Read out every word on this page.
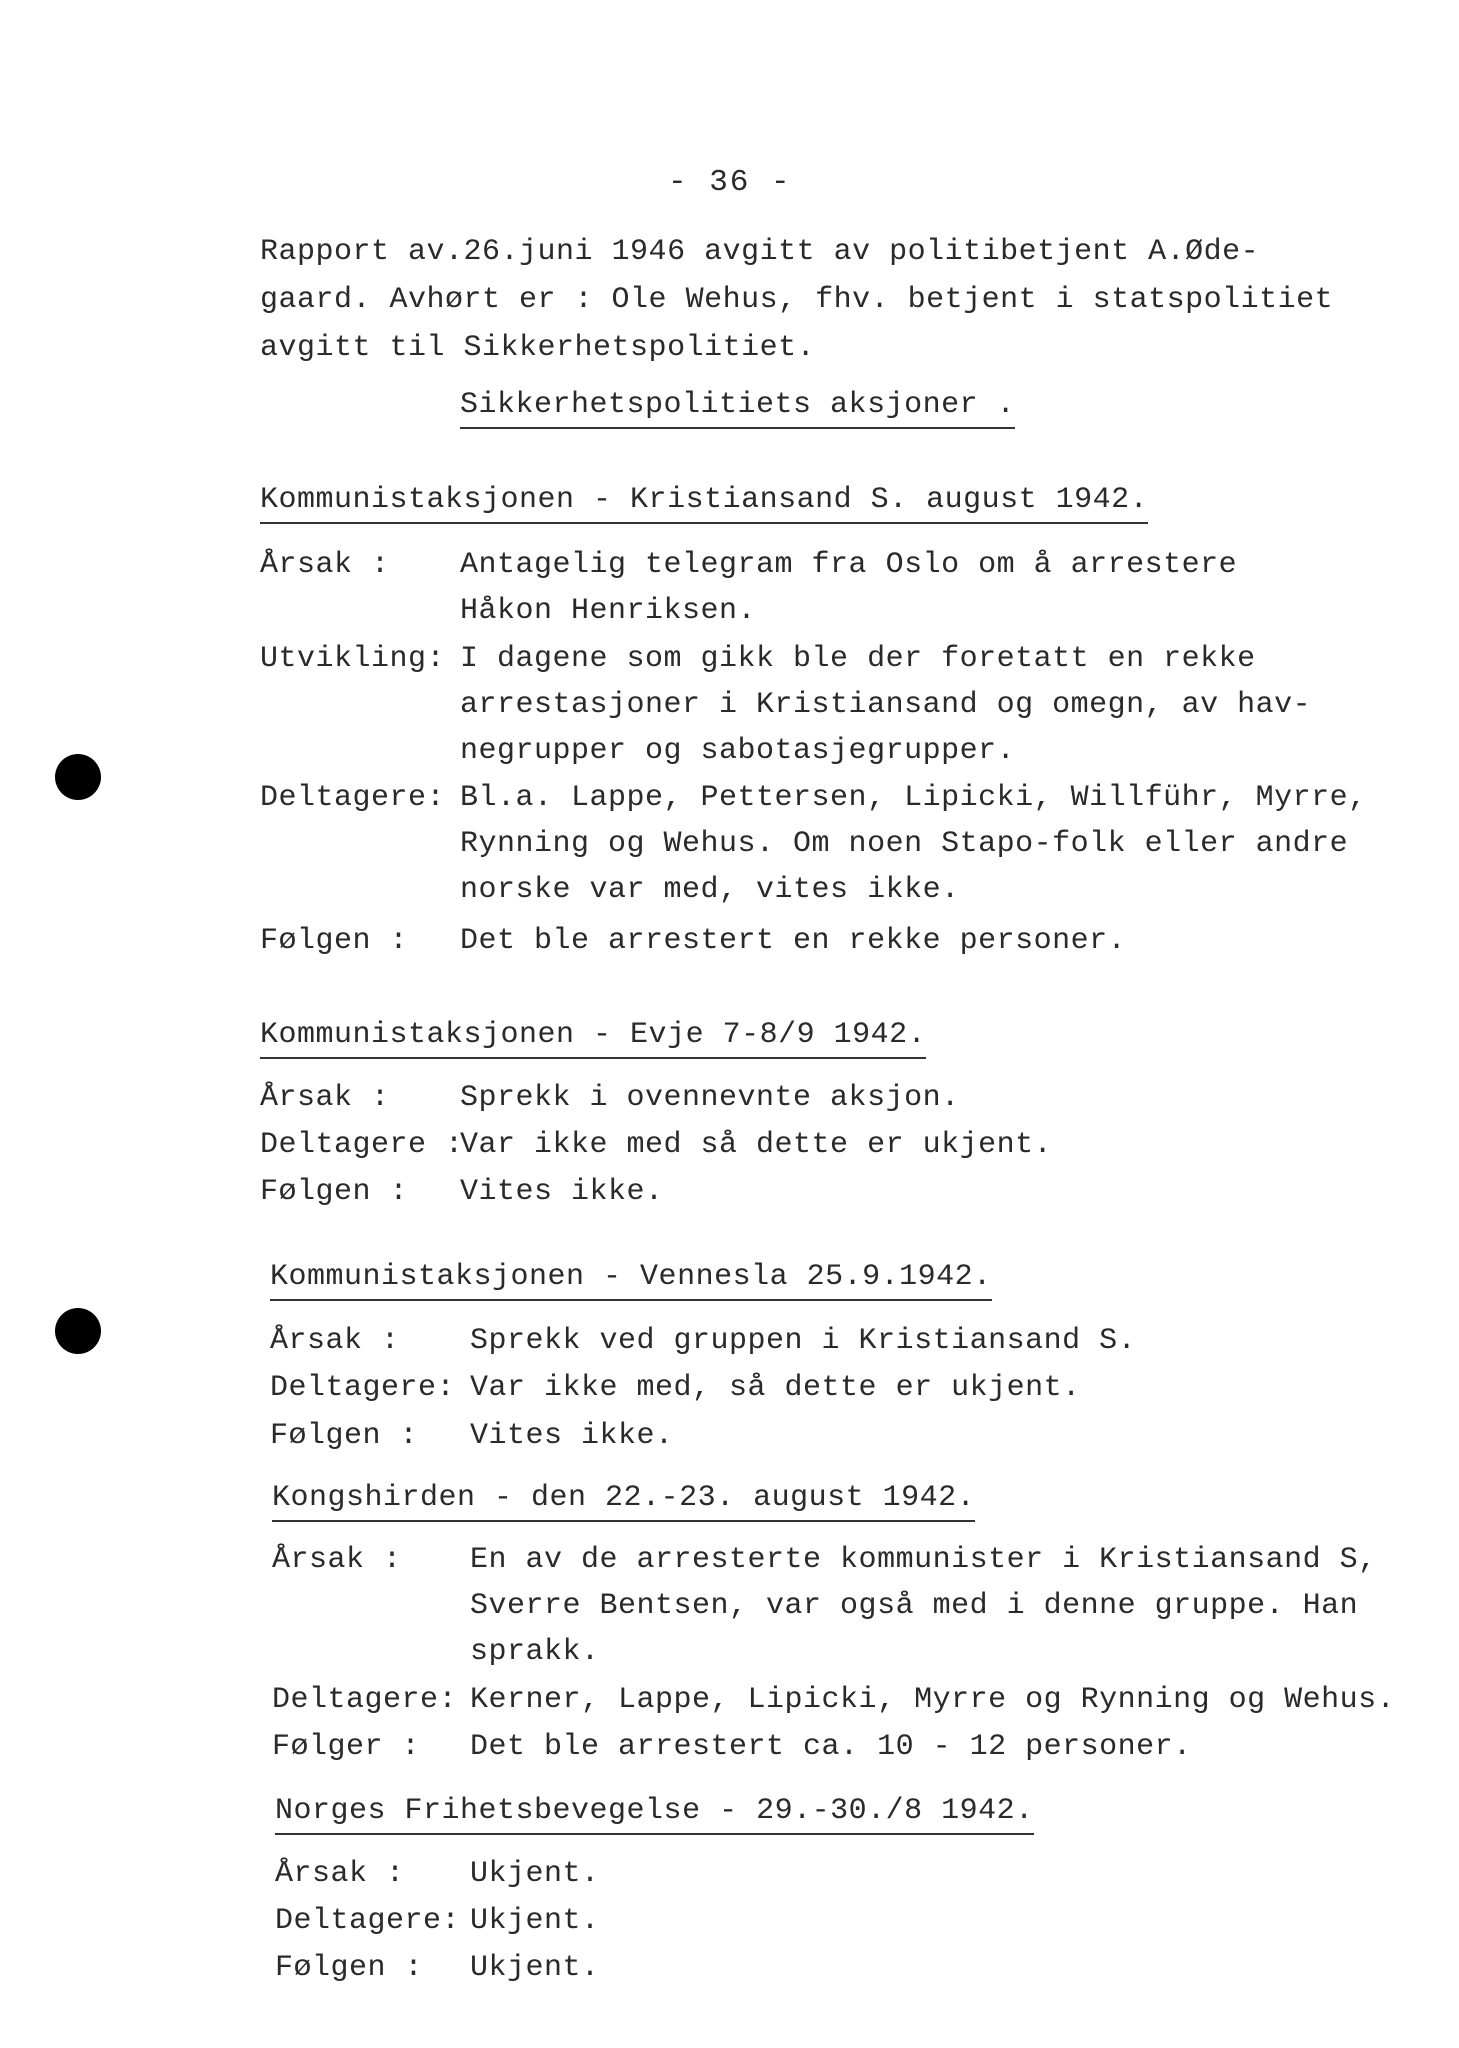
- 36 -
Rapport av.26.juni 1946 avgitt av politibetjent A.Øde-
gaard. Avhørt er : Ole Wehus, fhv. betjent i statspolitiet
avgitt til Sikkerhetspolitiet.
Sikkerhetspolitiets aksjoner .
Kommunistaksjonen - Kristiansand S. august 1942.
Årsak : Antagelig telegram fra Oslo om å arrestere
Håkon Henriksen.
Utvikling: I dagene som gikk ble der foretatt en rekke
arrestasjoner i Kristiansand og omegn, av hav-
negrupper og sabotasjegrupper.
Deltagere: Bl.a. Lappe, Pettersen, Lipicki, Willführ, Myrre,
Rynning og Wehus. Om noen Stapo-folk eller andre
norske var med, vites ikke.
Følgen : Det ble arrestert en rekke personer.
Kommunistaksjonen - Evje 7-8/9 1942.
Årsak : Sprekk i ovennevnte aksjon.
Deltagere :
Var ikke med så dette er ukjent.
Følgen : Vites ikke.
Kommunistaksjonen - Vennesla 25.9.1942.
Årsak : Sprekk ved gruppen i Kristiansand S.
Deltagere: Var ikke med, så dette er ukjent.
Følgen : Vites ikke.
Kongshirden - den 22.-23. august 1942.
Årsak : En av de arresterte kommunister i Kristiansand S,
Sverre Bentsen, var også med i denne gruppe. Han
sprakk.
Deltagere: Kerner, Lappe, Lipicki, Myrre og Rynning og Wehus.
Følger : Det ble arrestert ca. 10 - 12 personer.
Norges Frihetsbevegelse - 29.-30./8 1942.
Årsak : Ukjent.
Deltagere: Ukjent.
Følgen : Ukjent.
